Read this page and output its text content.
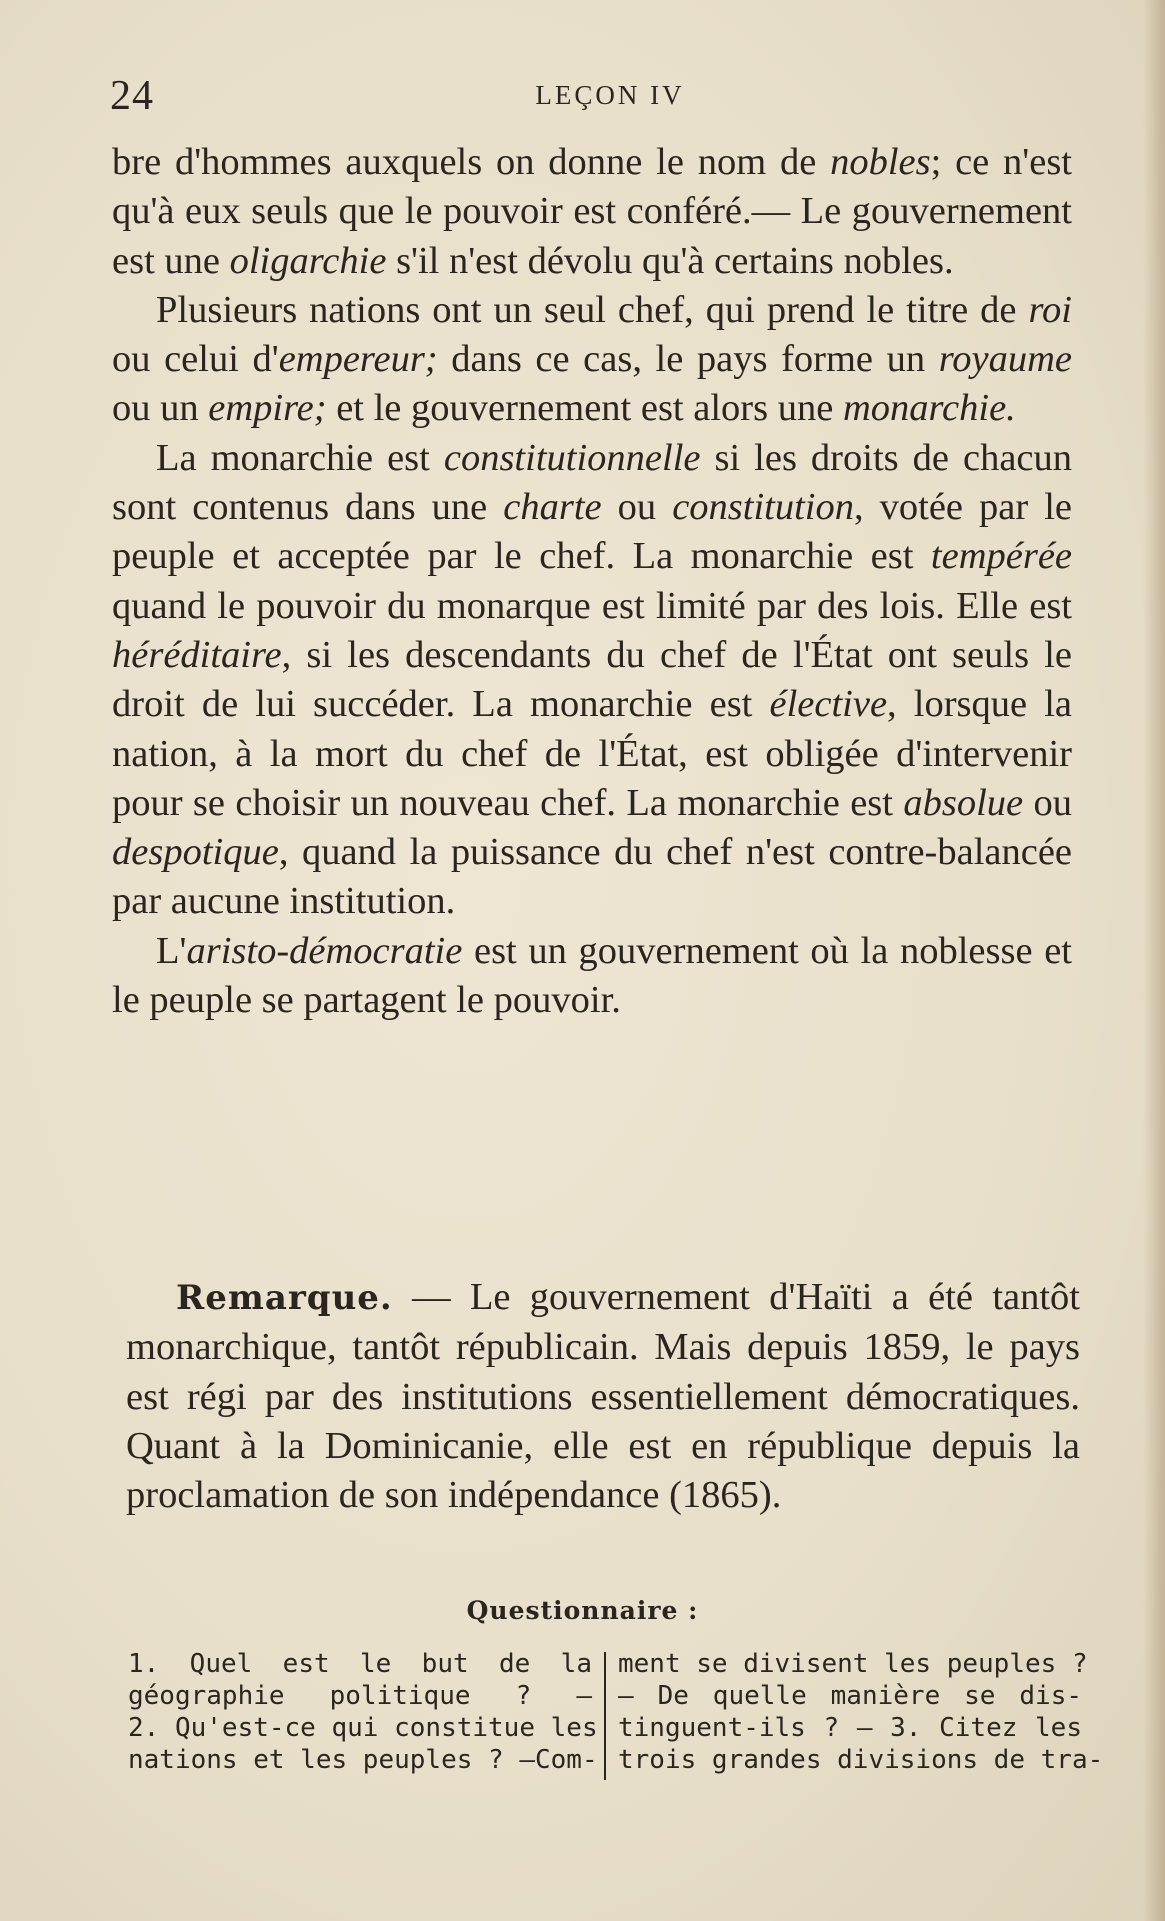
24	LEÇON IV

bre d'hommes auxquels on donne le nom de nobles; ce n'est qu'à eux seuls que le pouvoir est conféré.— Le gouvernement est une oligarchie s'il n'est dévolu qu'à certains nobles.

Plusieurs nations ont un seul chef, qui prend le titre de roi ou celui d'empereur; dans ce cas, le pays forme un royaume ou un empire; et le gouvernement est alors une monarchie.

La monarchie est constitutionnelle si les droits de chacun sont contenus dans une charte ou constitution, votée par le peuple et acceptée par le chef. La monarchie est tempérée quand le pouvoir du monarque est limité par des lois. Elle est héréditaire, si les descendants du chef de l'État ont seuls le droit de lui succéder. La monarchie est élective, lorsque la nation, à la mort du chef de l'État, est obligée d'intervenir pour se choisir un nouveau chef. La monarchie est absolue ou despotique, quand la puissance du chef n'est contre-balancée par aucune institution.

L'aristo-démocratie est un gouvernement où la noblesse et le peuple se partagent le pouvoir.

Remarque. — Le gouvernement d'Haïti a été tantôt monarchique, tantôt républicain. Mais depuis 1859, le pays est régi par des institutions essentiellement démocratiques. Quant à la Dominicanie, elle est en république depuis la proclamation de son indépendance (1865).

Questionnaire :
1. Quel est le but de la
géographie politique ? —
2. Qu'est-ce qui constitue les
nations et les peuples ? —Com-
ment se divisent les peuples ?
— De quelle manière se dis-
tinguent-ils ? — 3. Citez les
trois grandes divisions de tra-
